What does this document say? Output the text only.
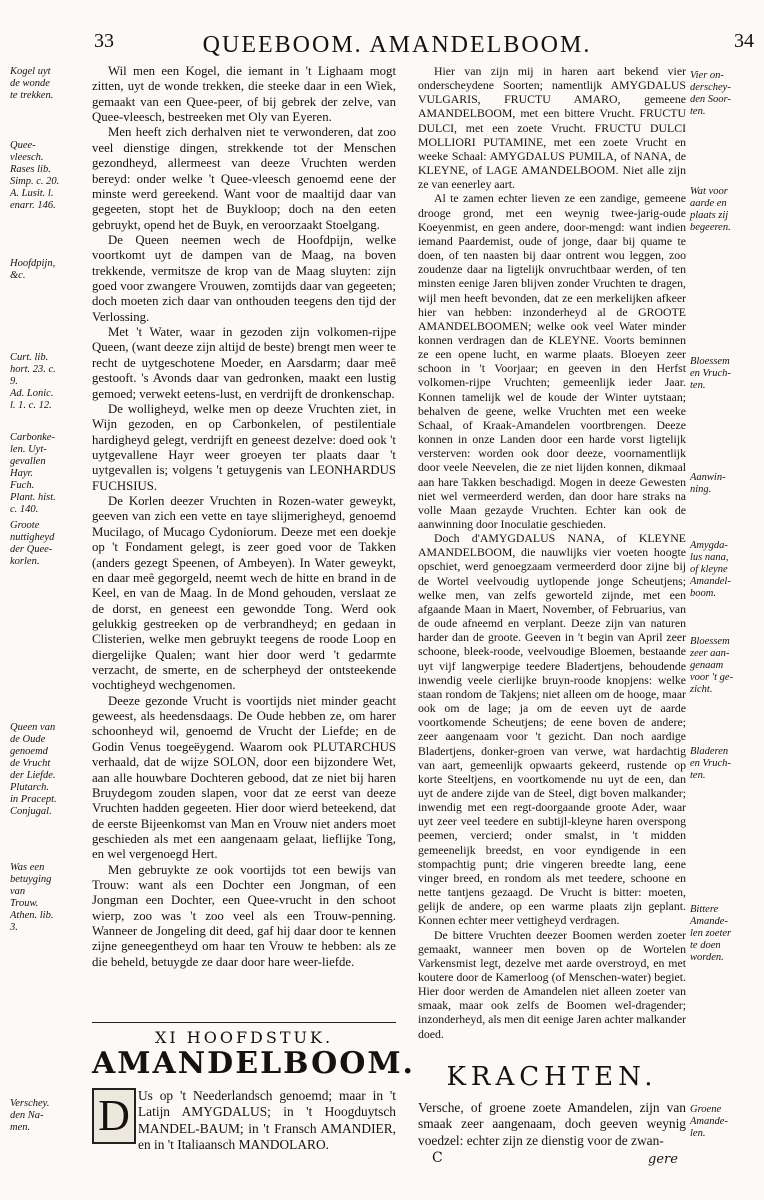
33	QUEEBOOM. AMANDELBOOM.	34
Kogel uyt
de wonde
te trekken.
Quee-
vleesch.
Rases lib.
Simp. c. 20.
A. Lusit. l.
enarr. 146.
Hoofdpijn,
&c.
Curt. lib.
hort. 23. c.
9.
Ad. Lonic.
l. 1. c. 12.
Carbonke-
len. Uyt-
gevallen
Hayr.
Fuch.
Plant. hist.
c. 140.
Groote
nuttigheyd
der Quee-
korlen.
Queen van
de Oude
genoemd
de Vrucht
der Liefde.
Plutarch.
in Pracept.
Conjugal.
Was een
betuyging
van
Trouw.
Athen. lib.
3.
Verschey.
den Na-
men.
Vier on-
derschey-
den Soor-
ten.
Wat voor
aarde en
plaats zij
begeeren.
Bloessem
en Vruch-
ten.
Aanwin-
ning.
Amygda-
lus nana,
of kleyne
Amandel-
boom.
Bloessem
zeer aan-
genaam
voor 't ge-
zicht.
Bladeren
en Vruch-
ten.
Bittere
Amande-
len zoeter
te doen
worden.
Groene
Amande-
len.

Wil men een Kogel, die iemant in 't Lighaam mogt zitten, uyt de wonde trekken, die steeke daar in een Wiek, gemaakt van een Quee-peer, of bij gebrek der zelve, van Quee-vleesch, bestreeken met Oly van Eyeren.

Men heeft zich derhalven niet te verwonderen, dat zoo veel dienstige dingen, strekkende tot der Menschen gezondheyd, allermeest van deeze Vruchten werden bereyd: onder welke 't Quee-vleesch genoemd eene der minste werd gereekend. Want voor de maaltijd daar van gegeeten, stopt het de Buykloop; doch na den eeten gebruykt, opend het de Buyk, en veroorzaakt Stoelgang.

De Queen neemen wech de Hoofdpijn, welke voortkomt uyt de dampen van de Maag, na boven trekkende, vermitsze de krop van de Maag sluyten: zijn goed voor zwangere Vrouwen, zomtijds daar van gegeeten; doch moeten zich daar van onthouden teegens den tijd der Verlossing.

Met 't Water, waar in gezoden zijn volkomen-rijpe Queen, (want deeze zijn altijd de beste) brengt men weer te recht de uytgeschotene Moeder, en Aarsdarm; daar meê gestooft. 's Avonds daar van gedronken, maakt een lustig gemoed; verwekt eetens-lust, en verdrijft de dronkenschap.

De wolligheyd, welke men op deeze Vruchten ziet, in Wijn gezoden, en op Carbonkelen, of pestilentiale hardigheyd gelegt, verdrijft en geneest dezelve: doed ook 't uytgevallene Hayr weer groeyen ter plaats daar 't uytgevallen is; volgens 't getuygenis van LEONHARDUS FUCHSIUS.

De Korlen deezer Vruchten in Rozen-water geweykt, geeven van zich een vette en taye slijmerigheyd, genoemd Mucilago, of Mucago Cydoniorum. Deeze met een doekje op 't Fondament gelegt, is zeer goed voor de Takken (anders gezegt Speenen, of Ambeyen). In Water geweykt, en daar meê gegorgeld, neemt wech de hitte en brand in de Keel, en van de Maag. In de Mond gehouden, verslaat ze de dorst, en geneest een gewondde Tong. Werd ook gelukkig gestreeken op de verbrandheyd; en gedaan in Clisterien, welke men gebruykt teegens de roode Loop en diergelijke Qualen; want hier door werd 't gedarmte verzacht, de smerte, en de scherpheyd der ontsteekende vochtigheyd wechgenomen.

Deeze gezonde Vrucht is voortijds niet minder geacht geweest, als heedensdaags. De Oude hebben ze, om harer schoonheyd wil, genoemd de Vrucht der Liefde; en de Godin Venus toegeëygend. Waarom ook PLUTARCHUS verhaald, dat de wijze SOLON, door een bijzondere Wet, aan alle houwbare Dochteren gebood, dat ze niet bij haren Bruydegom zouden slapen, voor dat ze eerst van deeze Vruchten hadden gegeeten. Hier door wierd beteekend, dat de eerste Bijeenkomst van Man en Vrouw niet anders moet geschieden als met een aangenaam gelaat, lieflijke Tong, en wel vergenoegd Hert.

Men gebruykte ze ook voortijds tot een bewijs van Trouw: want als een Dochter een Jongman, of een Jongman een Dochter, een Quee-vrucht in den schoot wierp, zoo was 't zoo veel als een Trouw-penning. Wanneer de Jongeling dit deed, gaf hij daar door te kennen zijne geneegentheyd om haar ten Vrouw te hebben: als ze die beheld, betuygde ze daar door hare weer-liefde.

XI HOOFDSTUK.
AMANDELBOOM.
D Us op 't Neederlandsch genoemd; maar in 't Latijn AMYGDALUS; in 't Hoogduytsch MANDEL-BAUM; in 't Fransch AMANDIER, en in 't Italiaansch MANDOLARO.

Hier van zijn mij in haren aart bekend vier onderscheydene Soorten; namentlijk AMYGDALUS VULGARIS, FRUCTU AMARO, gemeene AMANDELBOOM, met een bittere Vrucht. FRUCTU DULCI, met een zoete Vrucht. FRUCTU DULCI MOLLIORI PUTAMINE, met een zoete Vrucht en weeke Schaal: AMYGDALUS PUMILA, of NANA, de KLEYNE, of LAGE AMANDELBOOM. Niet alle zijn ze van eenerley aart.

Al te zamen echter lieven ze een zandige, gemeene drooge grond, met een weynig twee-jarig-oude Koeyenmist, en geen andere, door-mengd: want indien iemand Paardemist, oude of jonge, daar bij quame te doen, of ten naasten bij daar ontrent wou leggen, zoo zoudenze daar na ligtelijk onvruchtbaar werden, of ten minsten eenige Jaren blijven zonder Vruchten te dragen, wijl men heeft bevonden, dat ze een merkelijken afkeer hier van hebben: inzonderheyd al de GROOTE AMANDELBOOMEN; welke ook veel Water minder konnen verdragen dan de KLEYNE. Voorts beminnen ze een opene lucht, en warme plaats. Bloeyen zeer schoon in 't Voorjaar; en geeven in den Herfst volkomen-rijpe Vruchten; gemeenlijk ieder Jaar. Konnen tamelijk wel de koude der Winter uytstaan; behalven de geene, welke Vruchten met een weeke Schaal, of Kraak-Amandelen voortbrengen. Deeze konnen in onze Landen door een harde vorst ligtelijk versterven: worden ook door deeze, voornamentlijk door veele Neevelen, die ze niet lijden konnen, dikmaal aan hare Takken beschadigd. Mogen in deeze Gewesten niet wel vermeerderd werden, dan door hare straks na volle Maan gezayde Vruchten. Echter kan ook de aanwinning door Inoculatie geschieden.

Doch d'AMYGDALUS NANA, of KLEYNE AMANDELBOOM, die nauwlijks vier voeten hoogte opschiet, werd genoegzaam vermeerderd door zijne bij de Wortel veelvoudig uytlopende jonge Scheutjens; welke men, van zelfs geworteld zijnde, met een afgaande Maan in Maert, November, of Februarius, van de oude afneemd en verplant. Deeze zijn van naturen harder dan de groote. Geeven in 't begin van April zeer schoone, bleek-roode, veelvoudige Bloemen, bestaande uyt vijf langwerpige teedere Bladertjens, behoudende inwendig veele cierlijke bruyn-roode knopjens: welke staan rondom de Takjens; niet alleen om de hooge, maar ook om de lage; ja om de eeven uyt de aarde voortkomende Scheutjens; de eene boven de andere; zeer aangenaam voor 't gezicht. Dan noch aardige Bladertjens, donker-groen van verwe, wat hardachtig van aart, gemeenlijk opwaarts gekeerd, rustende op korte Steeltjens, en voortkomende nu uyt de een, dan uyt de andere zijde van de Steel, digt boven malkander; inwendig met een regt-doorgaande groote Ader, waar uyt zeer veel teedere en subtijl-kleyne haren overspong peemen, vercierd; onder smalst, in 't midden gemeenelijk breedst, en voor eyndigende in een stompachtig punt; drie vingeren breedte lang, eene vinger breed, en rondom als met teedere, schoone en nette tantjens gezaagd. De Vrucht is bitter: moeten, gelijk de andere, op een warme plaats zijn geplant. Konnen echter meer vettigheyd verdragen.

De bittere Vruchten deezer Boomen werden zoeter gemaakt, wanneer men boven op de Wortelen Varkensmist legt, dezelve met aarde overstroyd, en met koutere door de Kamerloog (of Menschen-water) begiet. Hier door werden de Amandelen niet alleen zoeter van smaak, maar ook zelfs de Boomen wel-dragender; inzonderheyd, als men dit eenige Jaren achter malkander doed.

KRACHTEN.
Versche, of groene zoete Amandelen, zijn van smaak zeer aangenaam, doch geeven weynig voedzel: echter zijn ze dienstig voor de zwan-
C	gere
